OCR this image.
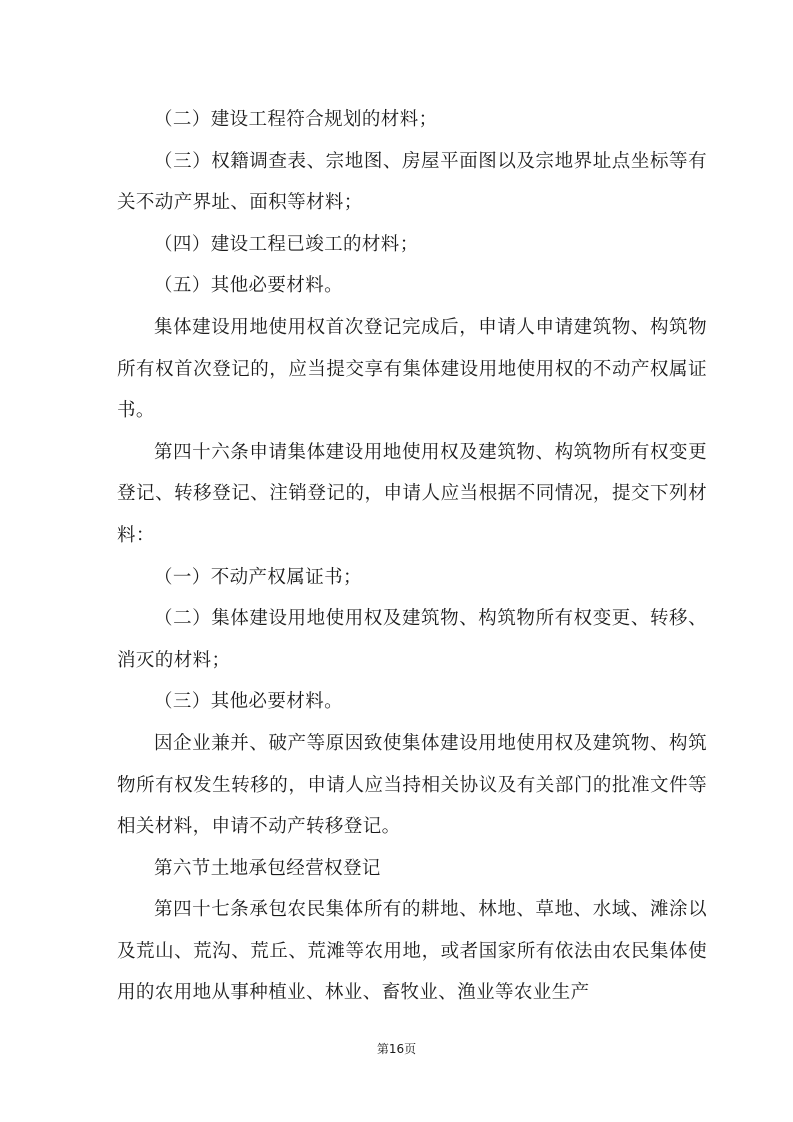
（二）建设工程符合规划的材料；

（三）权籍调查表、宗地图、房屋平面图以及宗地界址点坐标等有关不动产界址、面积等材料；

（四）建设工程已竣工的材料；

（五）其他必要材料。

集体建设用地使用权首次登记完成后，申请人申请建筑物、构筑物所有权首次登记的，应当提交享有集体建设用地使用权的不动产权属证书。

第四十六条申请集体建设用地使用权及建筑物、构筑物所有权变更登记、转移登记、注销登记的，申请人应当根据不同情况，提交下列材料：

（一）不动产权属证书；

（二）集体建设用地使用权及建筑物、构筑物所有权变更、转移、消灭的材料；

（三）其他必要材料。

因企业兼并、破产等原因致使集体建设用地使用权及建筑物、构筑物所有权发生转移的，申请人应当持相关协议及有关部门的批准文件等相关材料，申请不动产转移登记。

第六节土地承包经营权登记

第四十七条承包农民集体所有的耕地、林地、草地、水域、滩涂以及荒山、荒沟、荒丘、荒滩等农用地，或者国家所有依法由农民集体使用的农用地从事种植业、林业、畜牧业、渔业等农业生产

第16页
